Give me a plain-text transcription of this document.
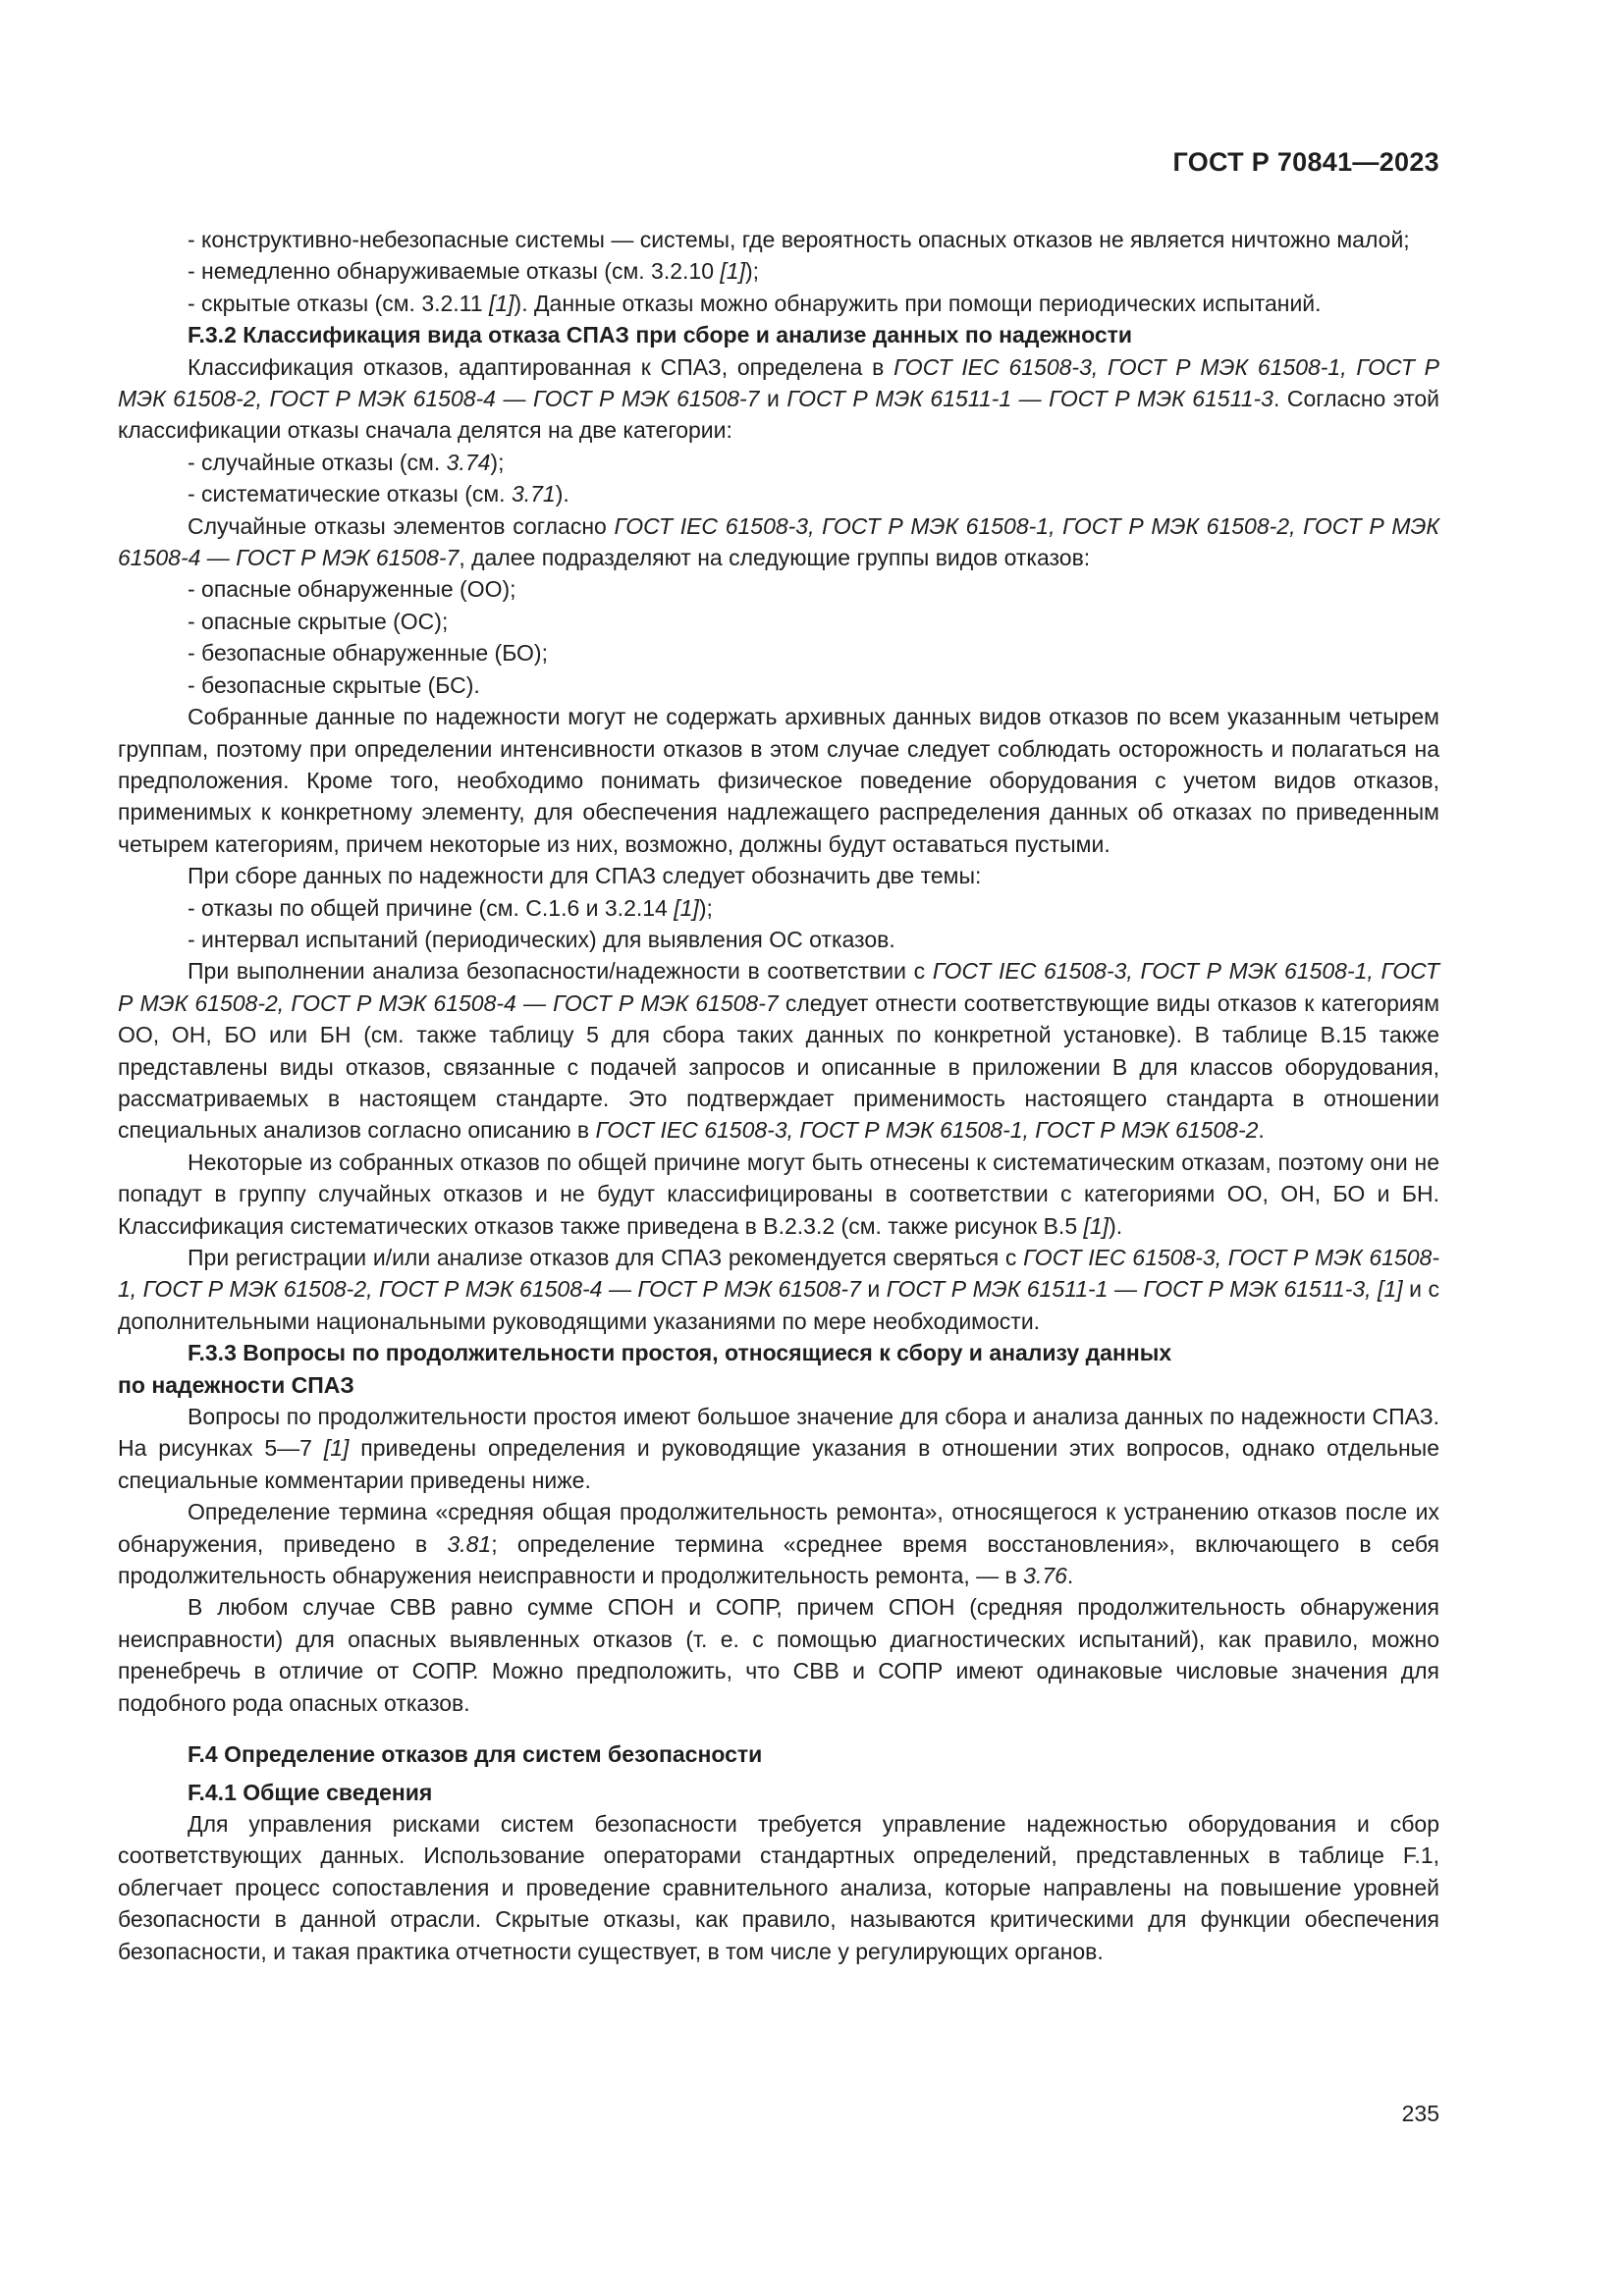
ГОСТ Р 70841—2023

- конструктивно-небезопасные системы — системы, где вероятность опасных отказов не является ничтожно малой;

- немедленно обнаруживаемые отказы (см. 3.2.10 [1]);

- скрытые отказы (см. 3.2.11 [1]). Данные отказы можно обнаружить при помощи периодических испытаний.

F.3.2 Классификация вида отказа СПАЗ при сборе и анализе данных по надежности

Классификация отказов, адаптированная к СПАЗ, определена в ГОСТ IEC 61508-3, ГОСТ Р МЭК 61508-1, ГОСТ Р МЭК 61508-2, ГОСТ Р МЭК 61508-4 — ГОСТ Р МЭК 61508-7 и ГОСТ Р МЭК 61511-1 — ГОСТ Р МЭК 61511-3. Согласно этой классификации отказы сначала делятся на две категории:

- случайные отказы (см. 3.74);

- систематические отказы (см. 3.71).

Случайные отказы элементов согласно ГОСТ IEC 61508-3, ГОСТ Р МЭК 61508-1, ГОСТ Р МЭК 61508-2, ГОСТ Р МЭК 61508-4 — ГОСТ Р МЭК 61508-7, далее подразделяют на следующие группы видов отказов:

- опасные обнаруженные (ОО);

- опасные скрытые (ОС);

- безопасные обнаруженные (БО);

- безопасные скрытые (БС).

Собранные данные по надежности могут не содержать архивных данных видов отказов по всем указанным четырем группам, поэтому при определении интенсивности отказов в этом случае следует соблюдать осторожность и полагаться на предположения. Кроме того, необходимо понимать физическое поведение оборудования с учетом видов отказов, применимых к конкретному элементу, для обеспечения надлежащего распределения данных об отказах по приведенным четырем категориям, причем некоторые из них, возможно, должны будут оставаться пустыми.

При сборе данных по надежности для СПАЗ следует обозначить две темы:

- отказы по общей причине (см. С.1.6 и 3.2.14 [1]);

- интервал испытаний (периодических) для выявления ОС отказов.

При выполнении анализа безопасности/надежности в соответствии с ГОСТ IEC 61508-3, ГОСТ Р МЭК 61508-1, ГОСТ Р МЭК 61508-2, ГОСТ Р МЭК 61508-4 — ГОСТ Р МЭК 61508-7 следует отнести соответствующие виды отказов к категориям ОО, ОН, БО или БН (см. также таблицу 5 для сбора таких данных по конкретной установке). В таблице В.15 также представлены виды отказов, связанные с подачей запросов и описанные в приложении В для классов оборудования, рассматриваемых в настоящем стандарте. Это подтверждает применимость настоящего стандарта в отношении специальных анализов согласно описанию в ГОСТ IEC 61508-3, ГОСТ Р МЭК 61508-1, ГОСТ Р МЭК 61508-2.

Некоторые из собранных отказов по общей причине могут быть отнесены к систематическим отказам, поэтому они не попадут в группу случайных отказов и не будут классифицированы в соответствии с категориями ОО, ОН, БО и БН. Классификация систематических отказов также приведена в В.2.3.2 (см. также рисунок В.5 [1]).

При регистрации и/или анализе отказов для СПАЗ рекомендуется сверяться с ГОСТ IEC 61508-3, ГОСТ Р МЭК 61508-1, ГОСТ Р МЭК 61508-2, ГОСТ Р МЭК 61508-4 — ГОСТ Р МЭК 61508-7 и ГОСТ Р МЭК 61511-1 — ГОСТ Р МЭК 61511-3, [1] и с дополнительными национальными руководящими указаниями по мере необходимости.

F.3.3 Вопросы по продолжительности простоя, относящиеся к сбору и анализу данных

по надежности СПАЗ

Вопросы по продолжительности простоя имеют большое значение для сбора и анализа данных по надежности СПАЗ. На рисунках 5—7 [1] приведены определения и руководящие указания в отношении этих вопросов, однако отдельные специальные комментарии приведены ниже.

Определение термина «средняя общая продолжительность ремонта», относящегося к устранению отказов после их обнаружения, приведено в 3.81; определение термина «среднее время восстановления», включающего в себя продолжительность обнаружения неисправности и продолжительность ремонта, — в 3.76.

В любом случае СВВ равно сумме СПОН и СОПР, причем СПОН (средняя продолжительность обнаружения неисправности) для опасных выявленных отказов (т. е. с помощью диагностических испытаний), как правило, можно пренебречь в отличие от СОПР. Можно предположить, что СВВ и СОПР имеют одинаковые числовые значения для подобного рода опасных отказов.

F.4 Определение отказов для систем безопасности

F.4.1 Общие сведения

Для управления рисками систем безопасности требуется управление надежностью оборудования и сбор соответствующих данных. Использование операторами стандартных определений, представленных в таблице F.1, облегчает процесс сопоставления и проведение сравнительного анализа, которые направлены на повышение уровней безопасности в данной отрасли. Скрытые отказы, как правило, называются критическими для функции обеспечения безопасности, и такая практика отчетности существует, в том числе у регулирующих органов.

235
